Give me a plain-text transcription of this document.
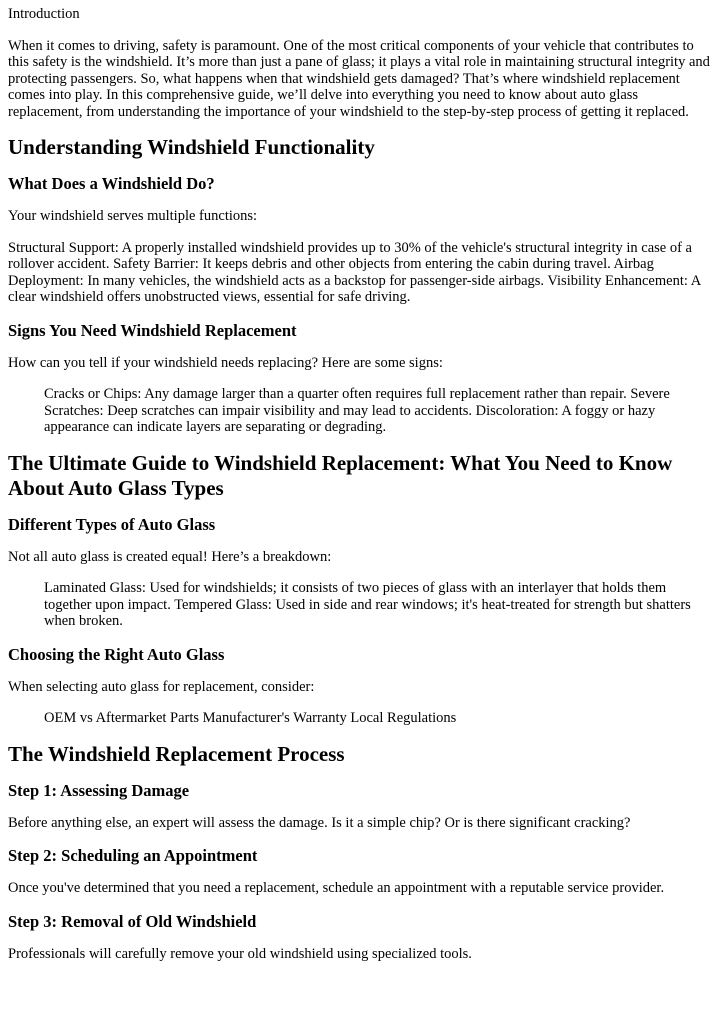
Introduction

When it comes to driving, safety is paramount. One of the most critical components of your vehicle that contributes to this safety is the windshield. It’s more than just a pane of glass; it plays a vital role in maintaining structural integrity and protecting passengers. So, what happens when that windshield gets damaged? That’s where windshield replacement comes into play. In this comprehensive guide, we’ll delve into everything you need to know about auto glass replacement, from understanding the importance of your windshield to the step-by-step process of getting it replaced.

Understanding Windshield Functionality
What Does a Windshield Do?

Your windshield serves multiple functions:

Structural Support: A properly installed windshield provides up to 30% of the vehicle's structural integrity in case of a rollover accident. Safety Barrier: It keeps debris and other objects from entering the cabin during travel. Airbag Deployment: In many vehicles, the windshield acts as a backstop for passenger-side airbags. Visibility Enhancement: A clear windshield offers unobstructed views, essential for safe driving.

Signs You Need Windshield Replacement

How can you tell if your windshield needs replacing? Here are some signs:

Cracks or Chips: Any damage larger than a quarter often requires full replacement rather than repair. Severe Scratches: Deep scratches can impair visibility and may lead to accidents. Discoloration: A foggy or hazy appearance can indicate layers are separating or degrading.
The Ultimate Guide to Windshield Replacement: What You Need to Know About Auto Glass Types
Different Types of Auto Glass

Not all auto glass is created equal! Here’s a breakdown:

Laminated Glass: Used for windshields; it consists of two pieces of glass with an interlayer that holds them together upon impact. Tempered Glass: Used in side and rear windows; it's heat-treated for strength but shatters when broken.
Choosing the Right Auto Glass

When selecting auto glass for replacement, consider:

OEM vs Aftermarket Parts Manufacturer's Warranty Local Regulations
The Windshield Replacement Process
Step 1: Assessing Damage

Before anything else, an expert will assess the damage. Is it a simple chip? Or is there significant cracking?

Step 2: Scheduling an Appointment

Once you've determined that you need a replacement, schedule an appointment with a reputable service provider.

Step 3: Removal of Old Windshield

Professionals will carefully remove your old windshield using specialized tools.
